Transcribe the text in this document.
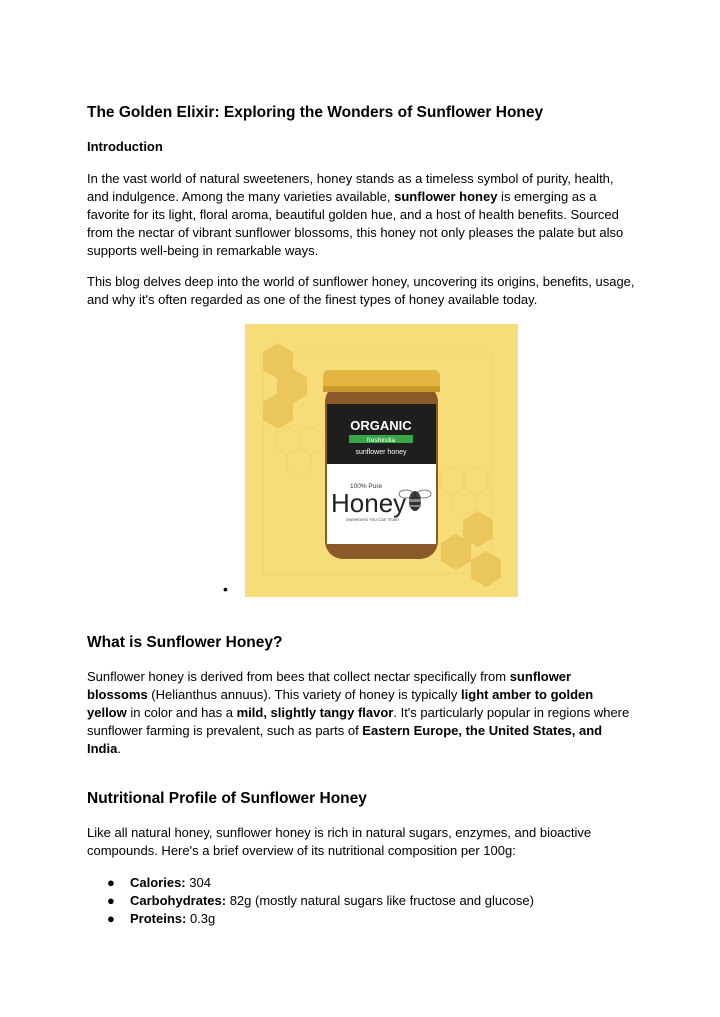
The Golden Elixir: Exploring the Wonders of Sunflower Honey
Introduction

In the vast world of natural sweeteners, honey stands as a timeless symbol of purity, health, and indulgence. Among the many varieties available, sunflower honey is emerging as a favorite for its light, floral aroma, beautiful golden hue, and a host of health benefits. Sourced from the nectar of vibrant sunflower blossoms, this honey not only pleases the palate but also supports well-being in remarkable ways.

This blog delves deep into the world of sunflower honey, uncovering its origins, benefits, usage, and why it's often regarded as one of the finest types of honey available today.

What is Sunflower Honey?

Sunflower honey is derived from bees that collect nectar specifically from sunflower blossoms (Helianthus annuus). This variety of honey is typically light amber to golden yellow in color and has a mild, slightly tangy flavor. It's particularly popular in regions where sunflower farming is prevalent, such as parts of Eastern Europe, the United States, and India.

Nutritional Profile of Sunflower Honey

Like all natural honey, sunflower honey is rich in natural sugars, enzymes, and bioactive compounds. Here's a brief overview of its nutritional composition per 100g:

● Calories: 304
● Carbohydrates: 82g (mostly natural sugars like fructose and glucose)
● Proteins: 0.3g
•
ORGANIC
freshindia
sunflower honey
100% Pure
Honey
Sweetness You Can Trust!
